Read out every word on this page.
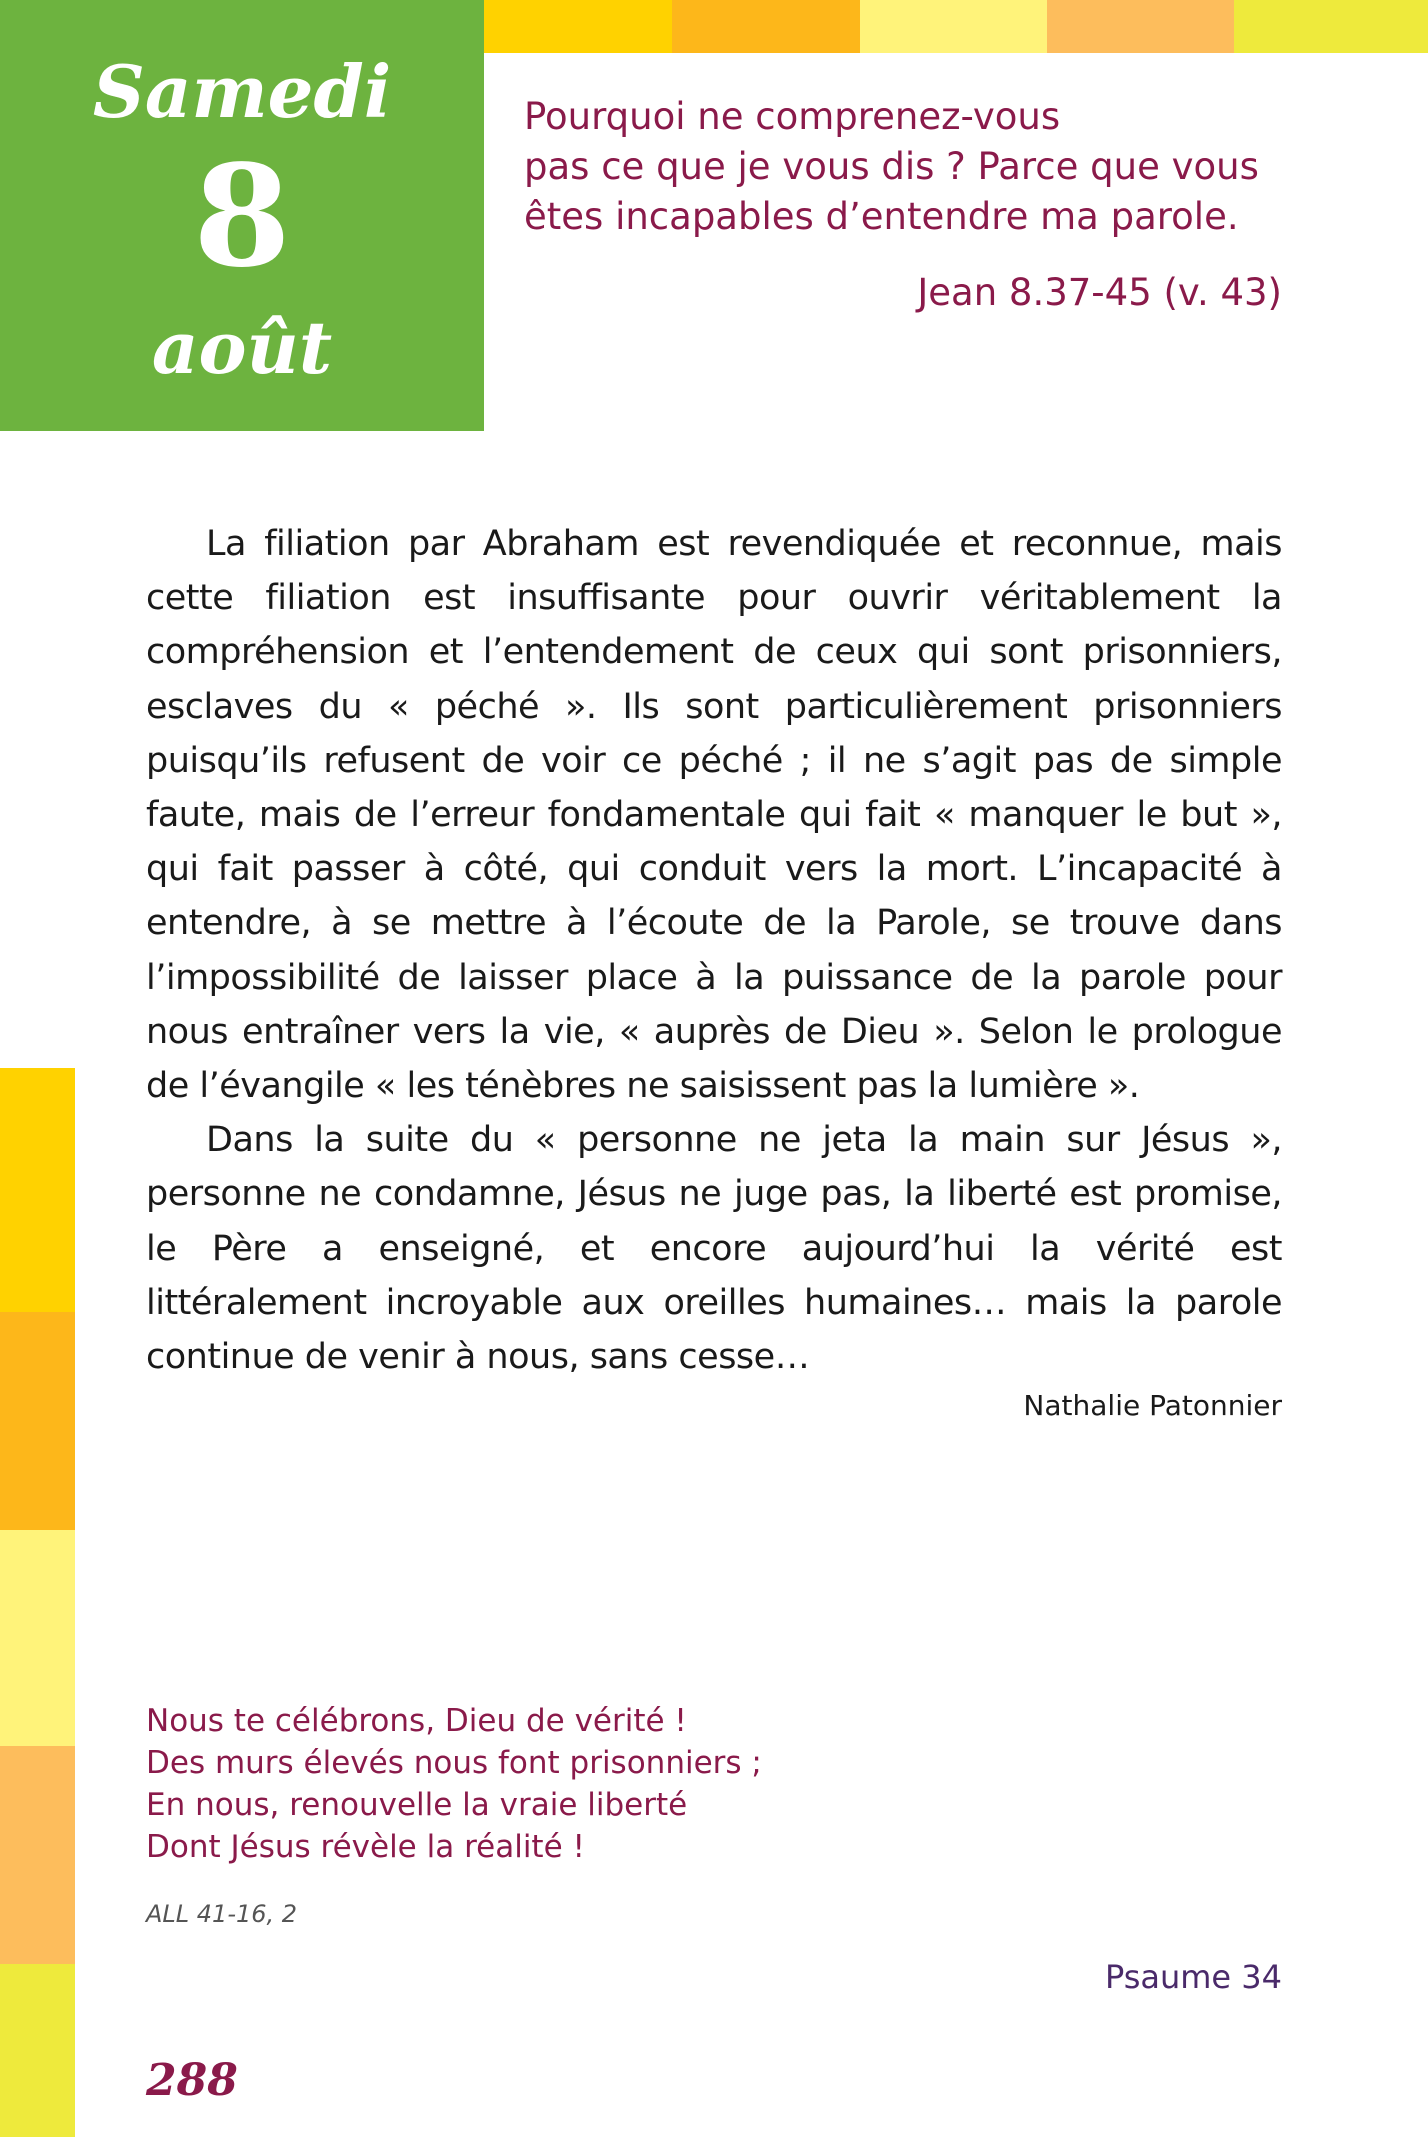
Samedi
8
août
Pourquoi ne comprenez-vous
pas ce que je vous dis ? Parce que vous
êtes incapables d’entendre ma parole.
Jean 8.37-45 (v. 43)

La filiation par Abraham est revendiquée et reconnue, mais cette filiation est insuffisante pour ouvrir véritablement la compréhension et l’entendement de ceux qui sont prisonniers, esclaves du « péché ». Ils sont particulièrement prisonniers puisqu’ils refusent de voir ce péché ; il ne s’agit pas de simple faute, mais de l’erreur fondamentale qui fait « manquer le but », qui fait passer à côté, qui conduit vers la mort. L’incapacité à entendre, à se mettre à l’écoute de la Parole, se trouve dans l’impossibilité de laisser place à la puissance de la parole pour nous entraîner vers la vie, « auprès de Dieu ». Selon le prologue de l’évangile « les ténèbres ne saisissent pas la lumière ».

Dans la suite du « personne ne jeta la main sur Jésus », personne ne condamne, Jésus ne juge pas, la liberté est promise, le Père a enseigné, et encore aujourd’hui la vérité est littéralement incroyable aux oreilles humaines… mais la parole continue de venir à nous, sans cesse…

Nathalie Patonnier
Nous te célébrons, Dieu de vérité !
Des murs élevés nous font prisonniers ;
En nous, renouvelle la vraie liberté
Dont Jésus révèle la réalité !
ALL 41-16, 2
Psaume 34
288
